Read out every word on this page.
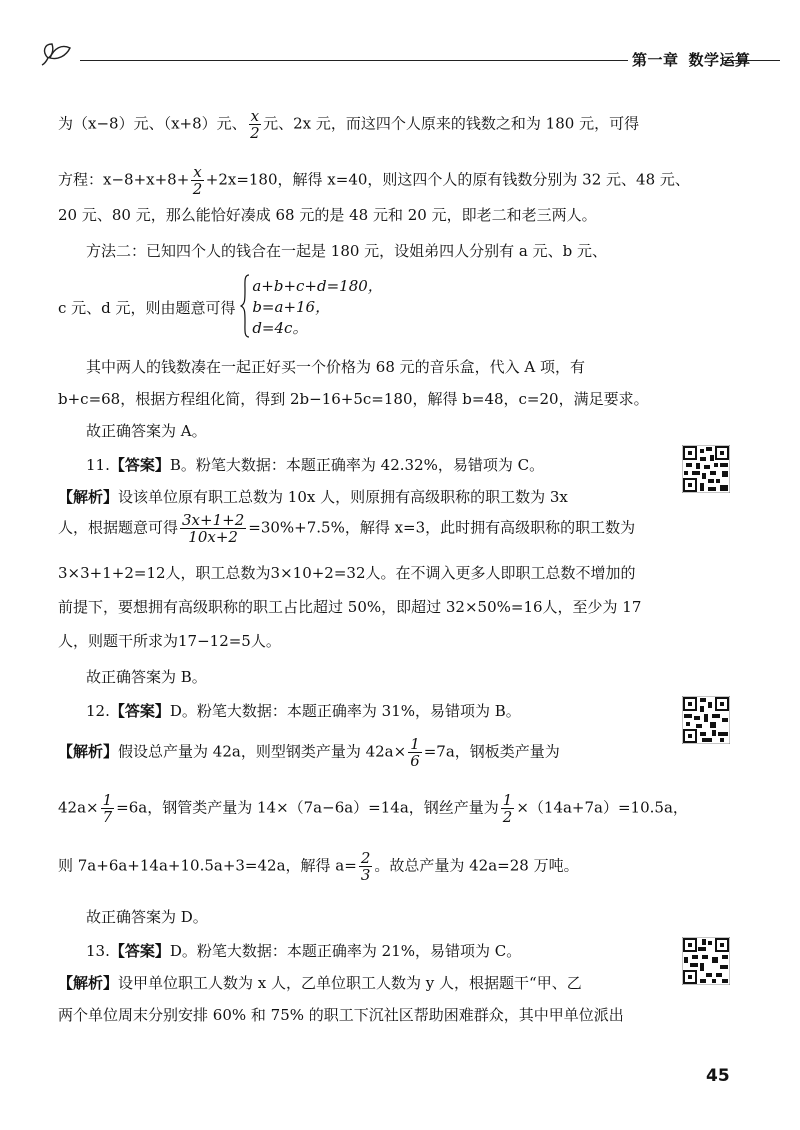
第一章 数学运算
为（x−8）元、（x+8）元、 $\frac{x}{2}$ 元、2x 元，而这四个人原来的钱数之和为 180 元，可得
方程：$x-8+x+8+ \frac{x}{2} +2x=180$，解得 x=40，则这四个人的原有钱数分别为 32 元、48 元、
20 元、80 元，那么能恰好凑成 68 元的是 48 元和 20 元，即老二和老三两人。
方法二：已知四个人的钱合在一起是 180 元，设姐弟四人分别有 a 元、b 元、
c 元、d 元，则由题意可得
a+b+c+d=180，
b=a+16，
d=4c。
其中两人的钱数凑在一起正好买一个价格为 68 元的音乐盒，代入 A 项，有
b+c=68，根据方程组化简，得到 2b−16+5c=180，解得 b=48，c=20，满足要求。
故正确答案为 A。
11.【答案】B。粉笔大数据：本题正确率为 42.32%，易错项为 C。
【解析】设该单位原有职工总数为 10x 人，则原拥有高级职称的职工数为 3x
人，根据题意可得 $\frac{3x+1+2}{10x+2} =30\%+7.5\%$，解得 x=3，此时拥有高级职称的职工数为
3×3+1+2=12人，职工总数为3×10+2=32人。在不调入更多人即职工总数不增加的
前提下，要想拥有高级职称的职工占比超过 50%，即超过 32×50%=16人，至少为 17
人，则题干所求为17−12=5人。
故正确答案为 B。
12.【答案】D。粉笔大数据：本题正确率为 31%，易错项为 B。
【解析】假设总产量为 42a，则型钢类产量为 $42a\times \frac{1}{6} =7a$，钢板类产量为
$42a\times \frac{1}{7} =6a$，钢管类产量为 14×（7a−6a）=14a，钢丝产量为 $\frac{1}{2} \times(14a+7a)=10.5a$，
则 7a+6a+14a+10.5a+3=42a，解得 $a= \frac{2}{3}$ 。故总产量为 42a=28 万吨。
故正确答案为 D。
13.【答案】D。粉笔大数据：本题正确率为 21%，易错项为 C。
【解析】设甲单位职工人数为 x 人，乙单位职工人数为 y 人，根据题干“甲、乙
两个单位周末分别安排 60% 和 75% 的职工下沉社区帮助困难群众，其中甲单位派出
45
